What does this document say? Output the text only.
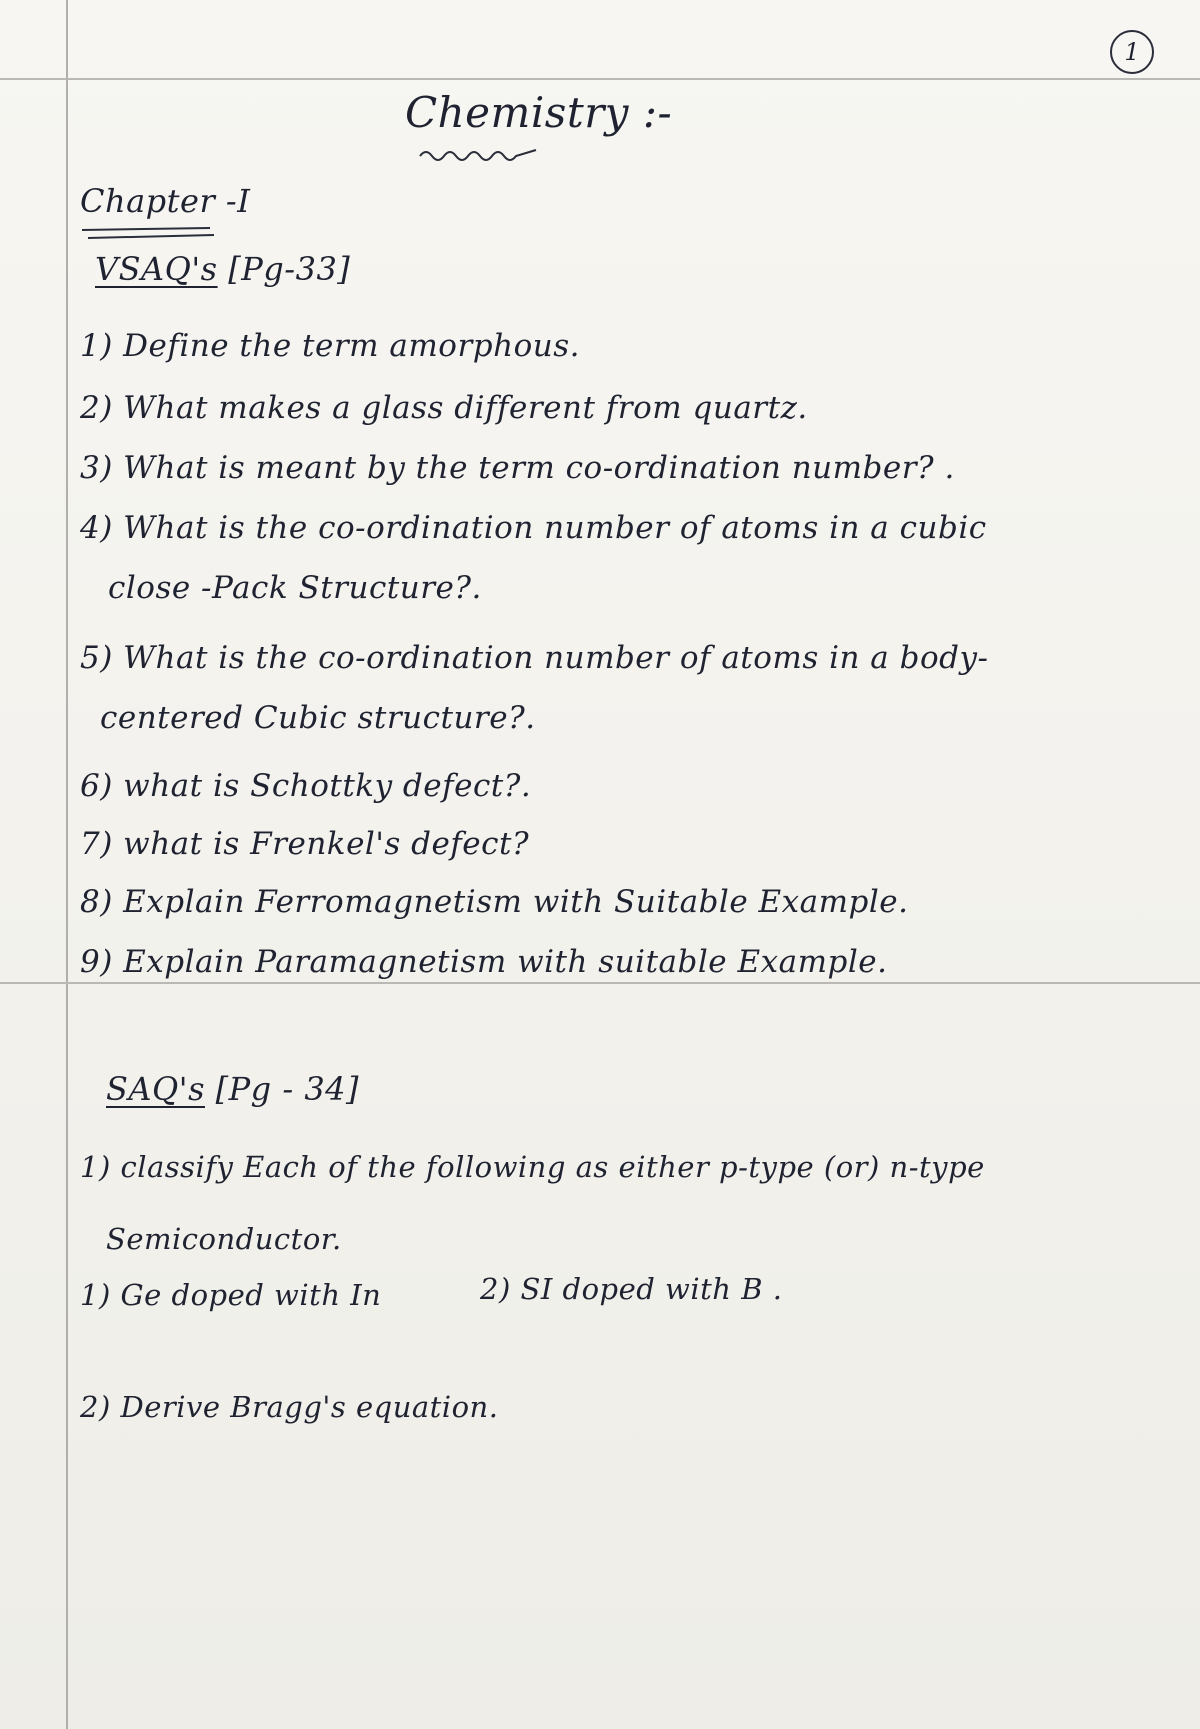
1
Chemistry :-
Chapter -I
VSAQ's [Pg-33]
1) Define the term amorphous.
2) What makes a glass different from quartz.
3) What is meant by the term co-ordination number? .
4) What is the co-ordination number of atoms in a cubic
close -Pack Structure?.
5) What is the co-ordination number of atoms in a body-
centered Cubic structure?.
6) what is Schottky defect?.
7) what is Frenkel's defect?
8) Explain Ferromagnetism with Suitable Example.
9) Explain Paramagnetism with suitable Example.
SAQ's [Pg - 34]
1) classify Each of the following as either p-type (or) n-type
Semiconductor.
1) Ge doped with In	2) SI doped with B .
2) Derive Bragg's equation.
